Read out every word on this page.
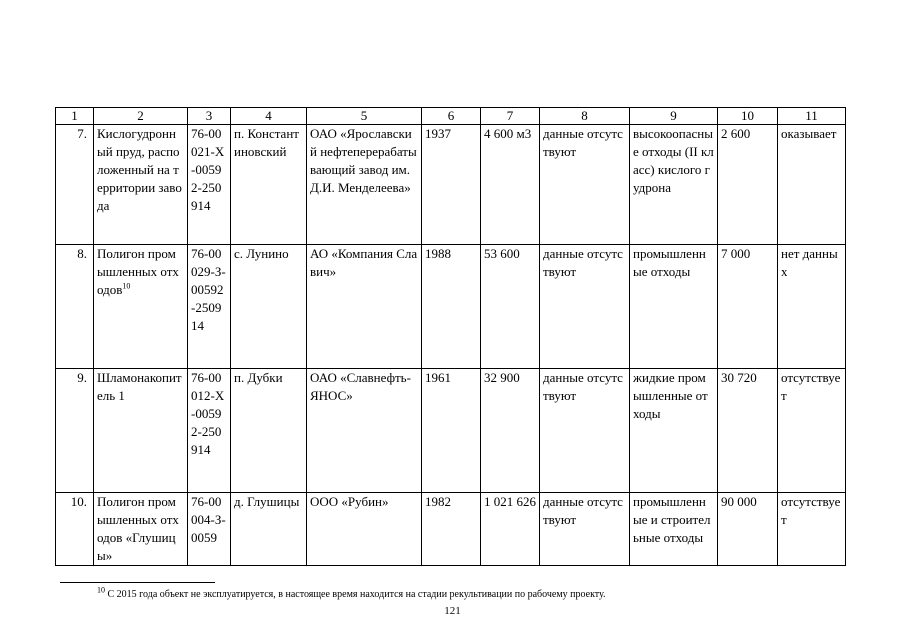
1	2	3	4	5	6	7	8	9	10	11
7.	Кислогудронный пруд, расположенный на территории завода	76-00021-Х-00592-250914	п. Константиновский	ОАО «Ярославский нефтеперерабатывающий завод им. Д.И. Менделеева»	1937	4 600 м3	данные отсутствуют	высокоопасные отходы (II класс) кислого гудрона	2 600	оказывает
8.	Полигон промышленных отходов$^{10}$	76-00029-З-00592-250914	с. Лунино	АО «Компания Славич»	1988	53 600	данные отсутствуют	промышленные отходы	7 000	нет данных
9.	Шламонакопитель 1	76-00012-Х-00592-250914	п. Дубки	ОАО «Славнефть-ЯНОС»	1961	32 900	данные отсутствуют	жидкие промышленные отходы	30 720	отсутствует
10.	Полигон промышленных отходов «Глушицы»	76-00004-З-0059	д. Глушицы	ООО «Рубин»	1982	1 021 626	данные отсутствуют	промышленные и строительные отходы	90 000	отсутствует
$^{10}$ С 2015 года объект не эксплуатируется, в настоящее время находится на стадии рекультивации по рабочему проекту.
121
